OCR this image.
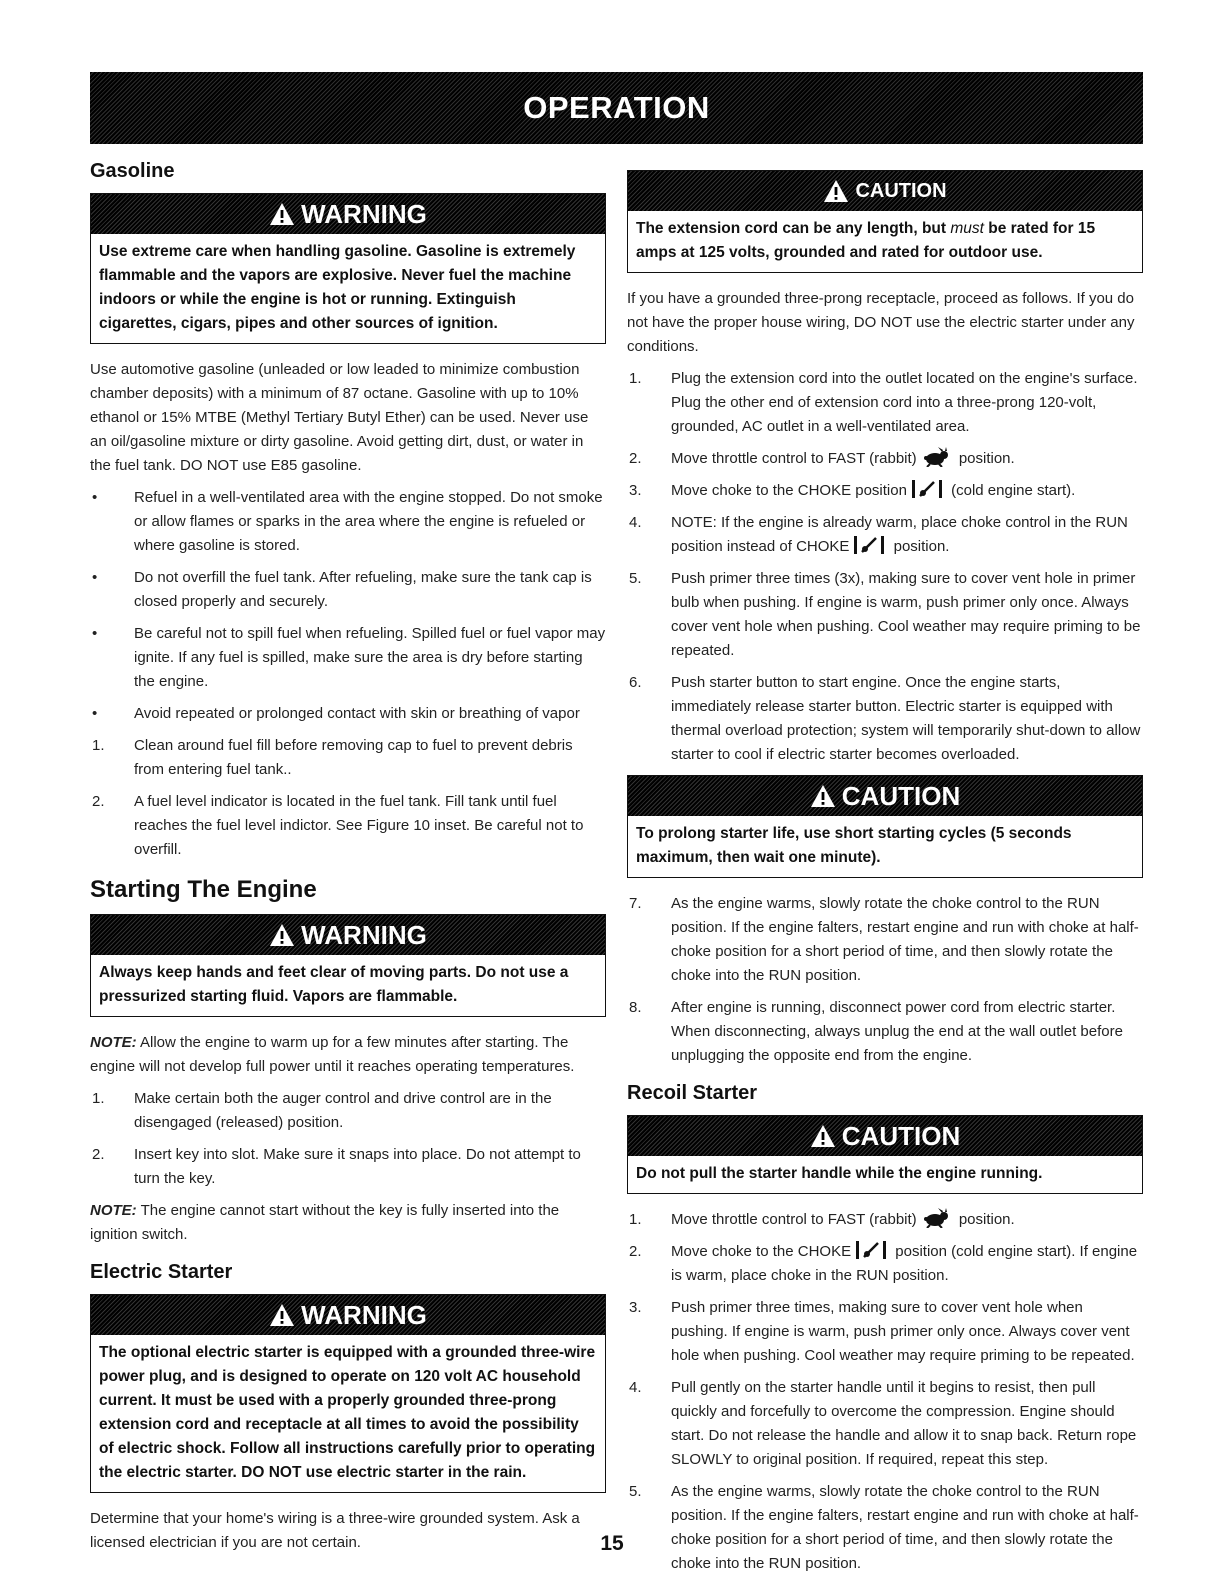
OPERATION
Gasoline
WARNING
Use extreme care when handling gasoline. Gasoline is extremely flammable and the vapors are explosive. Never fuel the machine indoors or while the engine is hot or running. Extinguish cigarettes, cigars, pipes and other sources of ignition.

Use automotive gasoline (unleaded or low leaded to minimize combustion chamber deposits) with a minimum of 87 octane. Gasoline with up to 10% ethanol or 15% MTBE (Methyl Tertiary Butyl Ether) can be used. Never use an oil/gasoline mixture or dirty gasoline. Avoid getting dirt, dust, or water in the fuel tank. DO NOT use E85 gasoline.

•	Refuel in a well-ventilated area with the engine stopped. Do not smoke or allow flames or sparks in the area where the engine is refueled or where gasoline is stored.
•	Do not overfill the fuel tank. After refueling, make sure the tank cap is closed properly and securely.
•	Be careful not to spill fuel when refueling. Spilled fuel or fuel vapor may ignite. If any fuel is spilled, make sure the area is dry before starting the engine.
•	Avoid repeated or prolonged contact with skin or breathing of vapor
1.	Clean around fuel fill before removing cap to fuel to prevent debris from entering fuel tank..
2.	A fuel level indicator is located in the fuel tank. Fill tank until fuel reaches the fuel level indictor. See Figure 10 inset. Be careful not to overfill.
Starting The Engine
WARNING
Always keep hands and feet clear of moving parts. Do not use a pressurized starting fluid. Vapors are flammable.

NOTE: Allow the engine to warm up for a few minutes after starting. The engine will not develop full power until it reaches operating temperatures.

1.	Make certain both the auger control and drive control are in the disengaged (released) position.
2.	Insert key into slot. Make sure it snaps into place. Do not attempt to turn the key.

NOTE: The engine cannot start without the key is fully inserted into the ignition switch.

Electric Starter
WARNING
The optional electric starter is equipped with a grounded three-wire power plug, and is designed to operate on 120 volt AC household current. It must be used with a properly grounded three-prong extension cord and receptacle at all times to avoid the possibility of electric shock. Follow all instructions carefully prior to operating the electric starter. DO NOT use electric starter in the rain.

Determine that your home's wiring is a three-wire grounded system. Ask a licensed electrician if you are not certain.

CAUTION
The extension cord can be any length, but must be rated for 15 amps at 125 volts, grounded and rated for outdoor use.

If you have a grounded three-prong receptacle, proceed as follows. If you do not have the proper house wiring, DO NOT use the electric starter under any conditions.

1.	Plug the extension cord into the outlet located on the engine's surface. Plug the other end of extension cord into a three-prong 120-volt, grounded, AC outlet in a well-ventilated area.
2.	Move throttle control to FAST (rabbit)	position.
3.	Move choke to the CHOKE position	(cold engine start).
4.	NOTE: If the engine is already warm, place choke control in the RUN position instead of CHOKE	position.
5.	Push primer three times (3x), making sure to cover vent hole in primer bulb when pushing. If engine is warm, push primer only once. Always cover vent hole when pushing. Cool weather may require priming to be repeated.
6.	Push starter button to start engine. Once the engine starts, immediately release starter button. Electric starter is equipped with thermal overload protection; system will temporarily shut-down to allow starter to cool if electric starter becomes overloaded.
CAUTION
To prolong starter life, use short starting cycles (5 seconds maximum, then wait one minute).
7.	As the engine warms, slowly rotate the choke control to the RUN position. If the engine falters, restart engine and run with choke at half-choke position for a short period of time, and then slowly rotate the choke into the RUN position.
8.	After engine is running, disconnect power cord from electric starter. When disconnecting, always unplug the end at the wall outlet before unplugging the opposite end from the engine.
Recoil Starter
CAUTION
Do not pull the starter handle while the engine running.
1.	Move throttle control to FAST (rabbit)	position.
2.	Move choke to the CHOKE	position (cold engine start). If engine is warm, place choke in the RUN position.
3.	Push primer three times, making sure to cover vent hole when pushing. If engine is warm, push primer only once. Always cover vent hole when pushing. Cool weather may require priming to be repeated.
4.	Pull gently on the starter handle until it begins to resist, then pull quickly and forcefully to overcome the compression. Engine should start. Do not release the handle and allow it to snap back. Return rope SLOWLY to original position. If required, repeat this step.
5.	As the engine warms, slowly rotate the choke control to the RUN position. If the engine falters, restart engine and run with choke at half-choke position for a short period of time, and then slowly rotate the choke into the RUN position.
15
